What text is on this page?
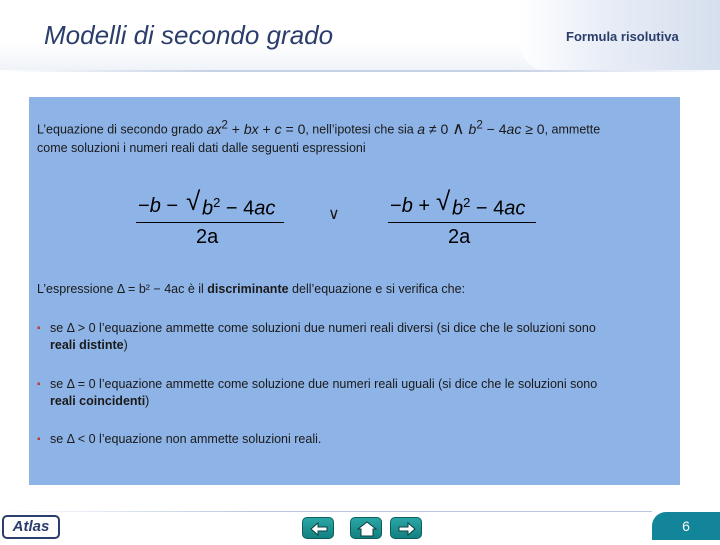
Modelli di secondo grado	Formula risolutiva
L’equazione di secondo grado $ax^2$ + bx + c = 0, nell’ipotesi che sia a ≠ 0 ∧ $b^2 - 4ac \ge 0$, ammette
come soluzioni i numeri reali dati dalle seguenti espressioni
−b − √ $b^2 - 4ac$
2a
∨	−b + √ $b^2 - 4ac$
2a
L’espressione Δ = b² − 4ac è il discriminante dell’equazione e si verifica che:
▪ se Δ > 0 l’equazione ammette come soluzioni due numeri reali diversi (si dice che le soluzioni sono
reali distinte)
▪ se Δ = 0 l’equazione ammette come soluzione due numeri reali uguali (si dice che le soluzioni sono
reali coincidenti)
▪ se Δ < 0 l’equazione non ammette soluzioni reali.
Atlas	6
